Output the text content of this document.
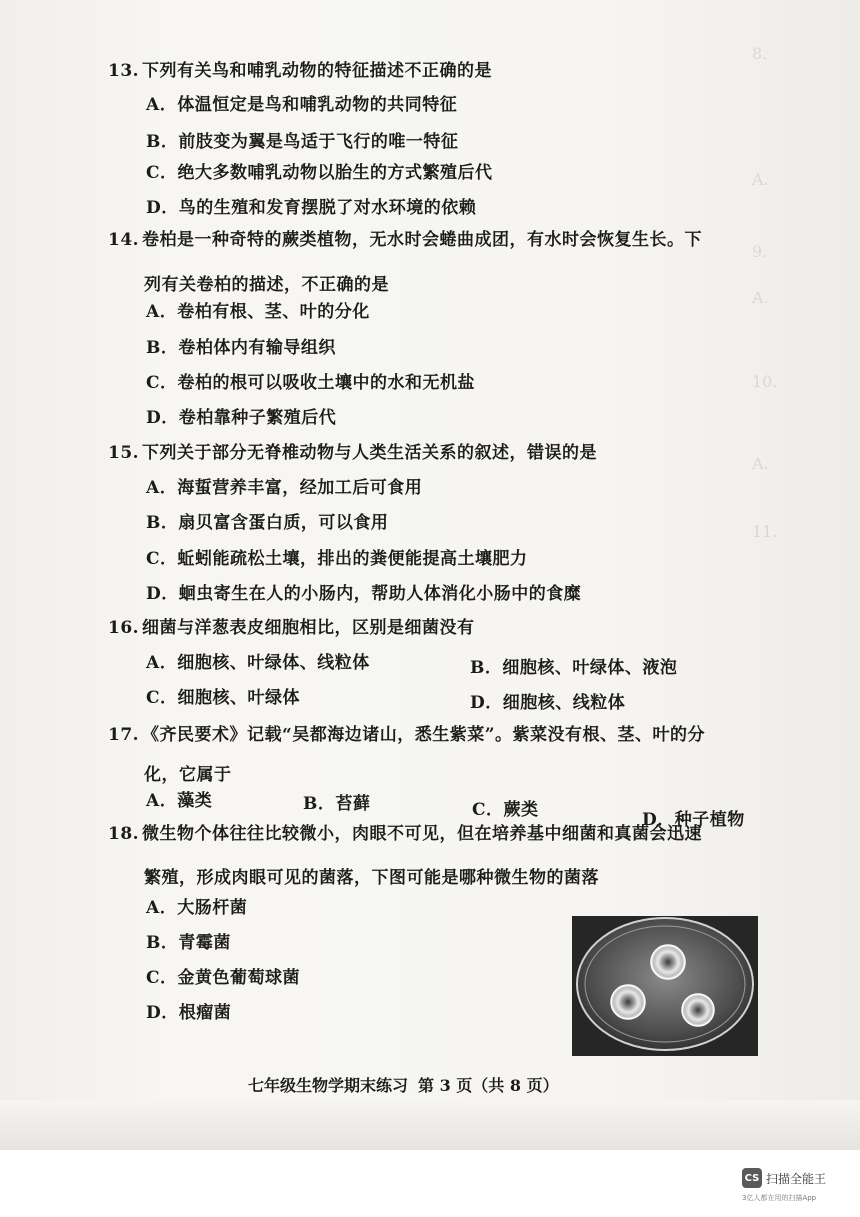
8.
9.
10.
11.
A.
A.
A.
13. 下列有关鸟和哺乳动物的特征描述不正确的是
A．体温恒定是鸟和哺乳动物的共同特征
B．前肢变为翼是鸟适于飞行的唯一特征
C．绝大多数哺乳动物以胎生的方式繁殖后代
D．鸟的生殖和发育摆脱了对水环境的依赖
14. 卷柏是一种奇特的蕨类植物，无水时会蜷曲成团，有水时会恢复生长。下
列有关卷柏的描述，不正确的是
A．卷柏有根、茎、叶的分化
B．卷柏体内有输导组织
C．卷柏的根可以吸收土壤中的水和无机盐
D．卷柏靠种子繁殖后代
15. 下列关于部分无脊椎动物与人类生活关系的叙述，错误的是
A．海蜇营养丰富，经加工后可食用
B．扇贝富含蛋白质，可以食用
C．蚯蚓能疏松土壤，排出的粪便能提高土壤肥力
D．蛔虫寄生在人的小肠内，帮助人体消化小肠中的食糜
16. 细菌与洋葱表皮细胞相比，区别是细菌没有
A．细胞核、叶绿体、线粒体	B．细胞核、叶绿体、液泡
C．细胞核、叶绿体	D．细胞核、线粒体
17. 《齐民要术》记载“吴都海边诸山，悉生紫菜”。紫菜没有根、茎、叶的分
化，它属于
A．藻类	B．苔藓	C．蕨类	D．种子植物
18. 微生物个体往往比较微小，肉眼不可见，但在培养基中细菌和真菌会迅速
繁殖，形成肉眼可见的菌落，下图可能是哪种微生物的菌落
A．大肠杆菌
B．青霉菌
C．金黄色葡萄球菌
D．根瘤菌
七年级生物学期末练习 第 3 页（共 8 页）
CS 扫描全能王
3亿人都在用的扫描App
